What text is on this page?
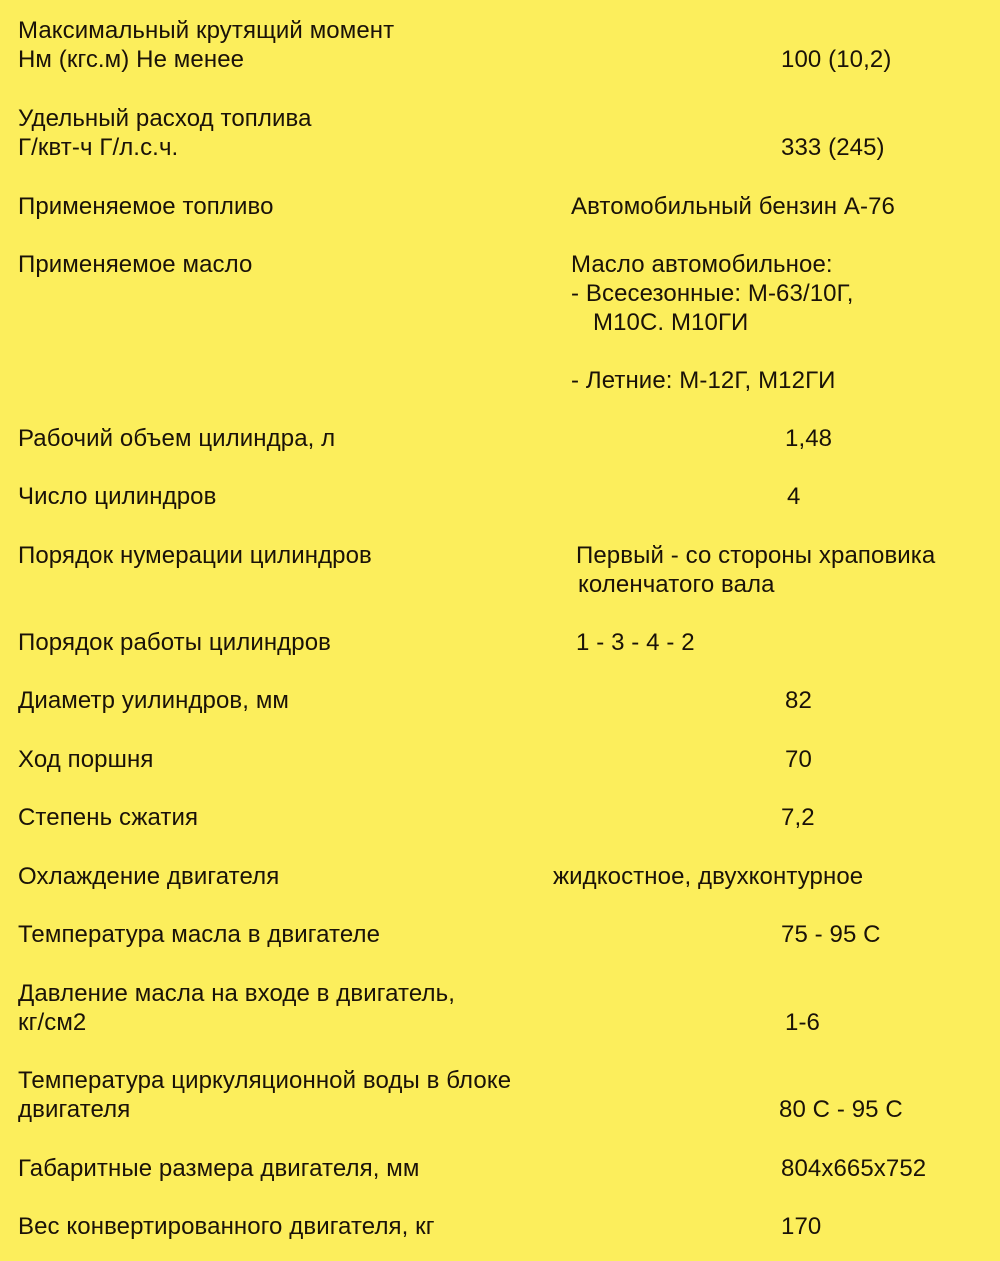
Максимальный крутящий момент
Нм (кгс.м) Не менее	100 (10,2)
Удельный расход топлива
Г/квт-ч Г/л.с.ч.	333 (245)
Применяемое топливо	Автомобильный бензин А-76
Применяемое масло	Масло автомобильное:
- Всесезонные: М-63/10Г,
М10С. М10ГИ
- Летние: М-12Г, М12ГИ
Рабочий объем цилиндра, л	1,48
Число цилиндров	4
Порядок нумерации цилиндров	Первый - со стороны храповика
коленчатого вала
Порядок работы цилиндров	1 - 3 - 4 - 2
Диаметр уилиндров, мм	82
Ход поршня	70
Степень сжатия	7,2
Охлаждение двигателя	жидкостное, двухконтурное
Температура масла в двигателе	75 - 95 С
Давление масла на входе в двигатель,
кг/см2	1-6
Температура циркуляционной воды в блоке
двигателя	80 С - 95 С
Габаритные размера двигателя, мм	804х665х752
Вес конвертированного двигателя, кг	170
